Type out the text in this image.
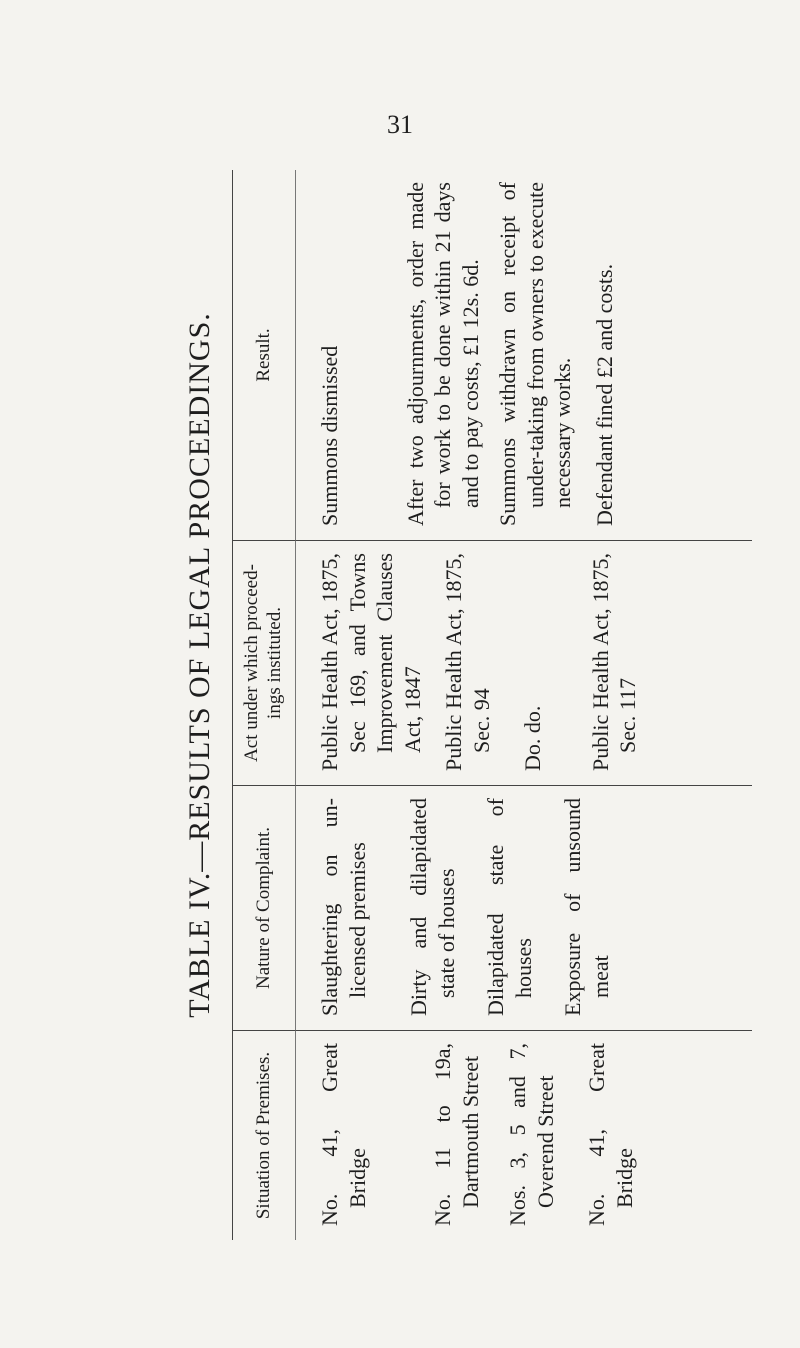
31
TABLE IV.—RESULTS OF LEGAL PROCEEDINGS.
Situation of Premises.
Nature of Complaint.
Act under which proceed-ings instituted.
Result.

No. 41, Great Bridge	No. 11 to 19a, Dartmouth Street Nos. 3, 5 and 7, Overend Street No. 41, Great Bridge

Slaughtering on un-licensed premises Dirty and dilapidated state of houses Dilapidated state of houses Exposure of unsound meat

Public Health Act, 1875, Sec 169, and Towns Improvement Clauses Act, 1847 Public Health Act, 1875, Sec. 94 Do. do. Public Health Act, 1875, Sec. 117

Summons dismissed	After two adjournments, order made for work to be done within 21 days and to pay costs, £1 12s. 6d. Summons withdrawn on receipt of under-taking from owners to execute necessary works. Defendant fined £2 and costs.
